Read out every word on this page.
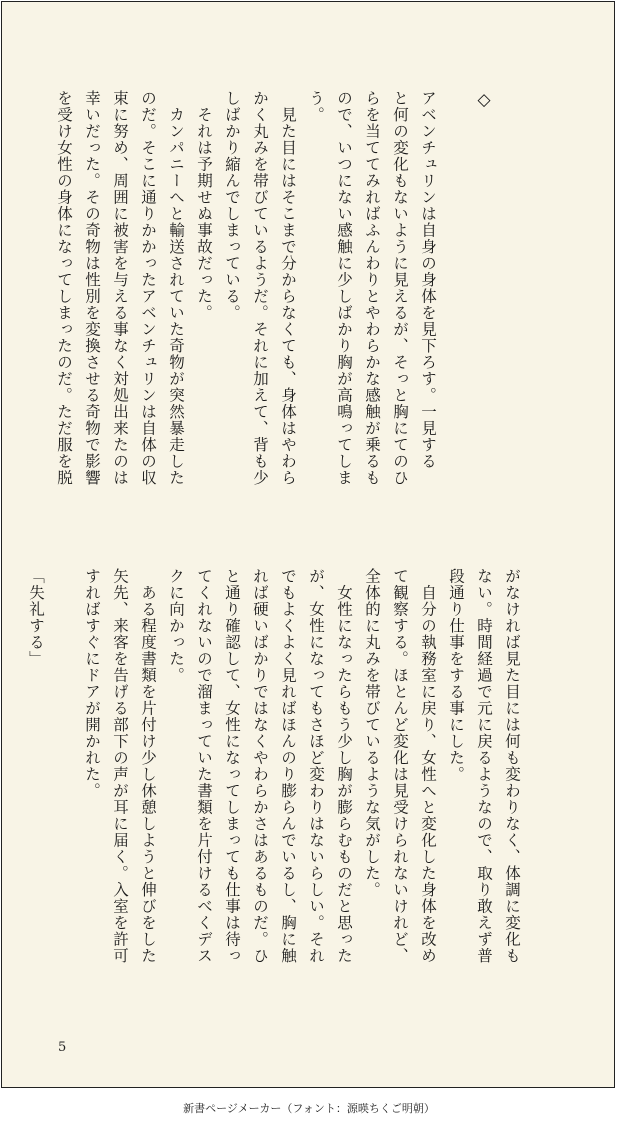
◇
アベンチュリンは自身の身体を見下ろす。一見する
と何の変化もないように見えるが、そっと胸にてのひ
らを当ててみればふんわりとやわらかな感触が乗るも
ので、いつにない感触に少しばかり胸が高鳴ってしま
う。
　見た目にはそこまで分からなくても、身体はやわら
かく丸みを帯びているようだ。それに加えて、背も少
しばかり縮んでしまっている。
　それは予期せぬ事故だった。
　カンパニーへと輸送されていた奇物が突然暴走した
のだ。そこに通りかかったアベンチュリンは自体の収
束に努め、周囲に被害を与える事なく対処出来たのは
幸いだった。その奇物は性別を変換させる奇物で影響
を受け女性の身体になってしまったのだ。ただ服を脱
がなければ見た目には何も変わりなく、体調に変化も
ない。時間経過で元に戻るようなので、取り敢えず普
段通り仕事をする事にした。
　自分の執務室に戻り、女性へと変化した身体を改め
て観察する。ほとんど変化は見受けられないけれど、
全体的に丸みを帯びているような気がした。
　女性になったらもう少し胸が膨らむものだと思った
が、女性になってもさほど変わりはないらしい。それ
でもよくよく見ればほんのり膨らんでいるし、胸に触
れば硬いばかりではなくやわらかさはあるものだ。ひ
と通り確認して、女性になってしまっても仕事は待っ
てくれないので溜まっていた書類を片付けるべくデス
クに向かった。
　ある程度書類を片付け少し休憩しようと伸びをした
矢先、来客を告げる部下の声が耳に届く。入室を許可
すればすぐにドアが開かれた。
「失礼する」
5
新書ページメーカー（フォント：源暎ちくご明朝）
